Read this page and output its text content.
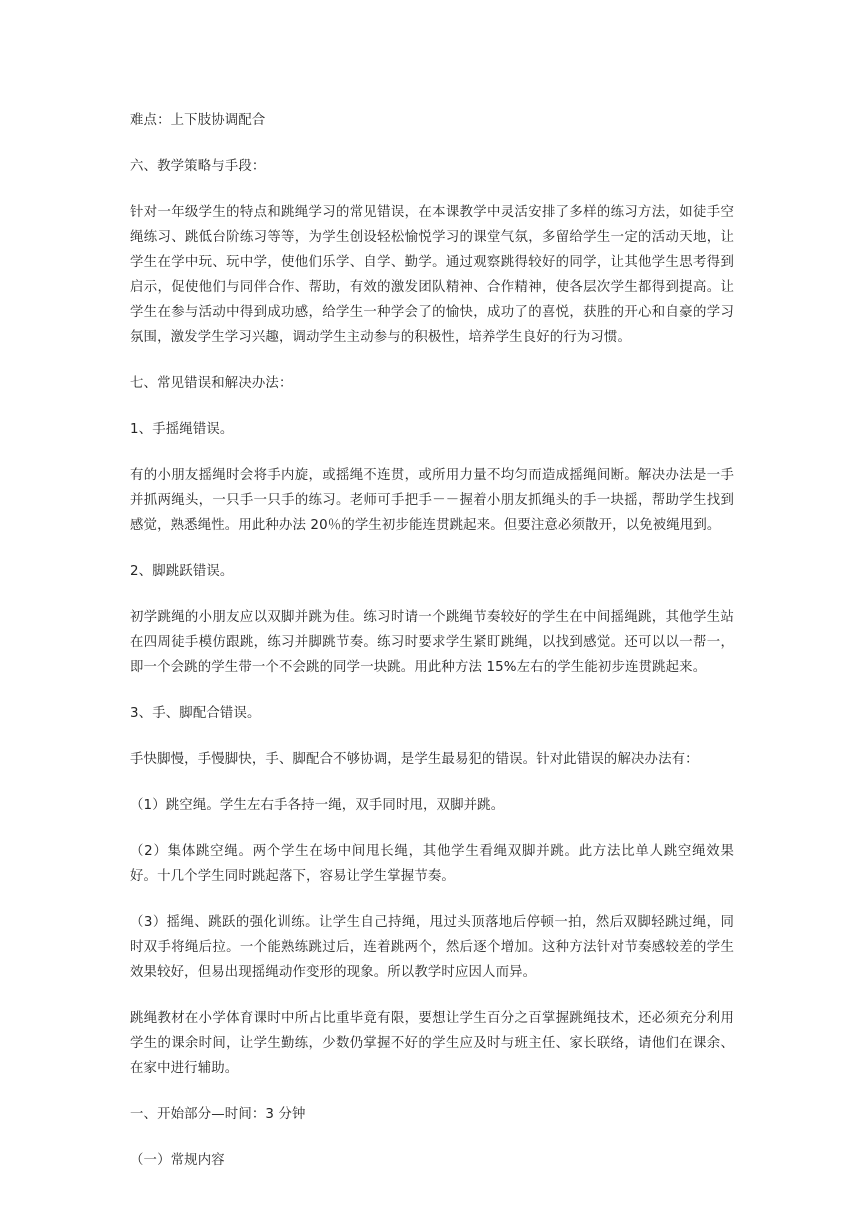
难点：上下肢协调配合

六、教学策略与手段：

针对一年级学生的特点和跳绳学习的常见错误，在本课教学中灵活安排了多样的练习方法，如徒手空绳练习、跳低台阶练习等等，为学生创设轻松愉悦学习的课堂气氛，多留给学生一定的活动天地，让学生在学中玩、玩中学，使他们乐学、自学、勤学。通过观察跳得较好的同学，让其他学生思考得到启示，促使他们与同伴合作、帮助，有效的激发团队精神、合作精神，使各层次学生都得到提高。让学生在参与活动中得到成功感，给学生一种学会了的愉快，成功了的喜悦，获胜的开心和自豪的学习氛围，激发学生学习兴趣，调动学生主动参与的积极性，培养学生良好的行为习惯。

七、常见错误和解决办法：

1、手摇绳错误。

有的小朋友摇绳时会将手内旋，或摇绳不连贯，或所用力量不均匀而造成摇绳间断。解决办法是一手并抓两绳头，一只手一只手的练习。老师可手把手－－握着小朋友抓绳头的手一块摇，帮助学生找到感觉，熟悉绳性。用此种办法 20％的学生初步能连贯跳起来。但要注意必须散开，以免被绳甩到。

2、脚跳跃错误。

初学跳绳的小朋友应以双脚并跳为佳。练习时请一个跳绳节奏较好的学生在中间摇绳跳，其他学生站在四周徒手模仿跟跳，练习并脚跳节奏。练习时要求学生紧盯跳绳，以找到感觉。还可以以一帮一，即一个会跳的学生带一个不会跳的同学一块跳。用此种方法 15%左右的学生能初步连贯跳起来。

3、手、脚配合错误。

手快脚慢，手慢脚快，手、脚配合不够协调，是学生最易犯的错误。针对此错误的解决办法有：

（1）跳空绳。学生左右手各持一绳，双手同时甩，双脚并跳。

（2）集体跳空绳。两个学生在场中间甩长绳，其他学生看绳双脚并跳。此方法比单人跳空绳效果好。十几个学生同时跳起落下，容易让学生掌握节奏。

（3）摇绳、跳跃的强化训练。让学生自己持绳，甩过头顶落地后停顿一拍，然后双脚轻跳过绳，同时双手将绳后拉。一个能熟练跳过后，连着跳两个，然后逐个增加。这种方法针对节奏感较差的学生效果较好，但易出现摇绳动作变形的现象。所以教学时应因人而异。

跳绳教材在小学体育课时中所占比重毕竟有限，要想让学生百分之百掌握跳绳技术，还必须充分利用学生的课余时间，让学生勤练，少数仍掌握不好的学生应及时与班主任、家长联络，请他们在课余、在家中进行辅助。

一、开始部分—时间：3 分钟

（一）常规内容
